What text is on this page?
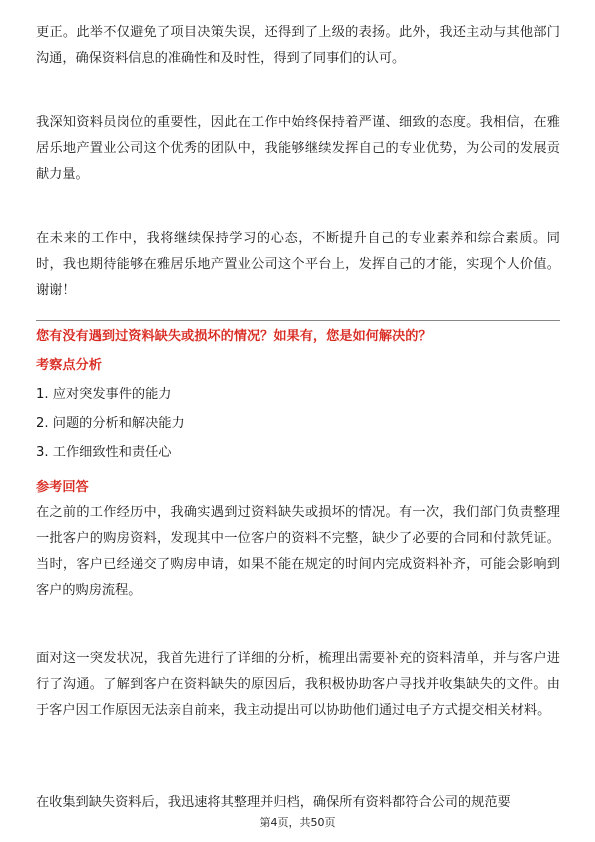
更正。此举不仅避免了项目决策失误，还得到了上级的表扬。此外，我还主动与其他部门沟通，确保资料信息的准确性和及时性，得到了同事们的认可。

我深知资料员岗位的重要性，因此在工作中始终保持着严谨、细致的态度。我相信，在雅居乐地产置业公司这个优秀的团队中，我能够继续发挥自己的专业优势，为公司的发展贡献力量。

在未来的工作中，我将继续保持学习的心态，不断提升自己的专业素养和综合素质。同时，我也期待能够在雅居乐地产置业公司这个平台上，发挥自己的才能，实现个人价值。谢谢！

您有没有遇到过资料缺失或损坏的情况？如果有，您是如何解决的？

考察点分析

1. 应对突发事件的能力

2. 问题的分析和解决能力

3. 工作细致性和责任心

参考回答

在之前的工作经历中，我确实遇到过资料缺失或损坏的情况。有一次，我们部门负责整理一批客户的购房资料，发现其中一位客户的资料不完整，缺少了必要的合同和付款凭证。当时，客户已经递交了购房申请，如果不能在规定的时间内完成资料补齐，可能会影响到客户的购房流程。

面对这一突发状况，我首先进行了详细的分析，梳理出需要补充的资料清单，并与客户进行了沟通。了解到客户在资料缺失的原因后，我积极协助客户寻找并收集缺失的文件。由于客户因工作原因无法亲自前来，我主动提出可以协助他们通过电子方式提交相关材料。

在收集到缺失资料后，我迅速将其整理并归档，确保所有资料都符合公司的规范要

第4页，共50页
